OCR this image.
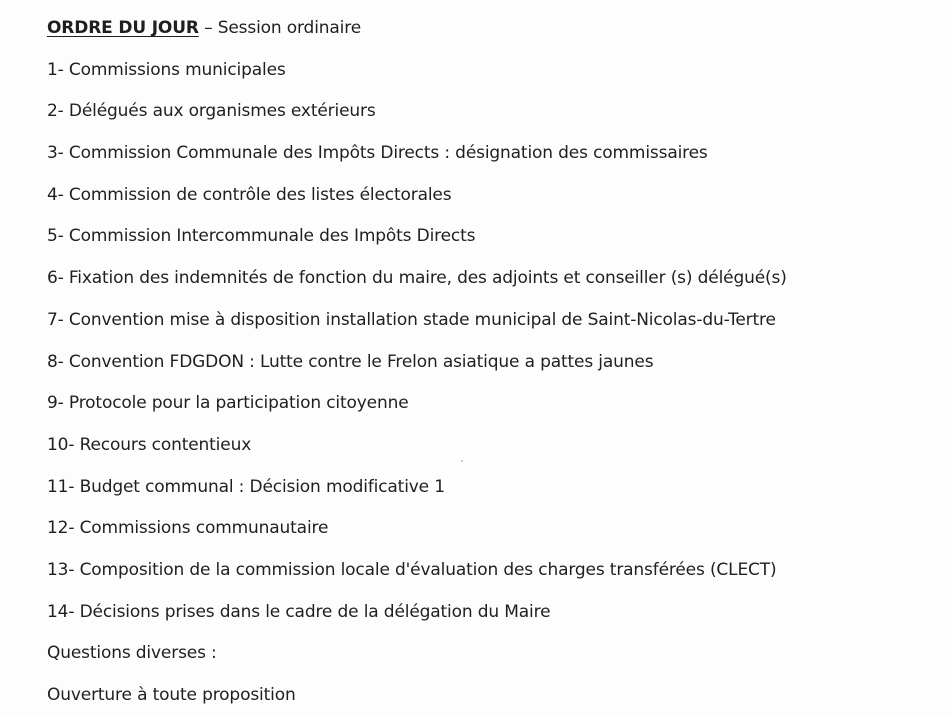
ORDRE DU JOUR – Session ordinaire
1- Commissions municipales
2- Délégués aux organismes extérieurs
3- Commission Communale des Impôts Directs : désignation des commissaires
4- Commission de contrôle des listes électorales
5- Commission Intercommunale des Impôts Directs
6- Fixation des indemnités de fonction du maire, des adjoints et conseiller (s) délégué(s)
7- Convention mise à disposition installation stade municipal de Saint-Nicolas-du-Tertre
8- Convention FDGDON : Lutte contre le Frelon asiatique a pattes jaunes
9- Protocole pour la participation citoyenne
10- Recours contentieux
11- Budget communal : Décision modificative 1
12- Commissions communautaire
13- Composition de la commission locale d'évaluation des charges transférées (CLECT)
14- Décisions prises dans le cadre de la délégation du Maire
Questions diverses :
Ouverture à toute proposition
